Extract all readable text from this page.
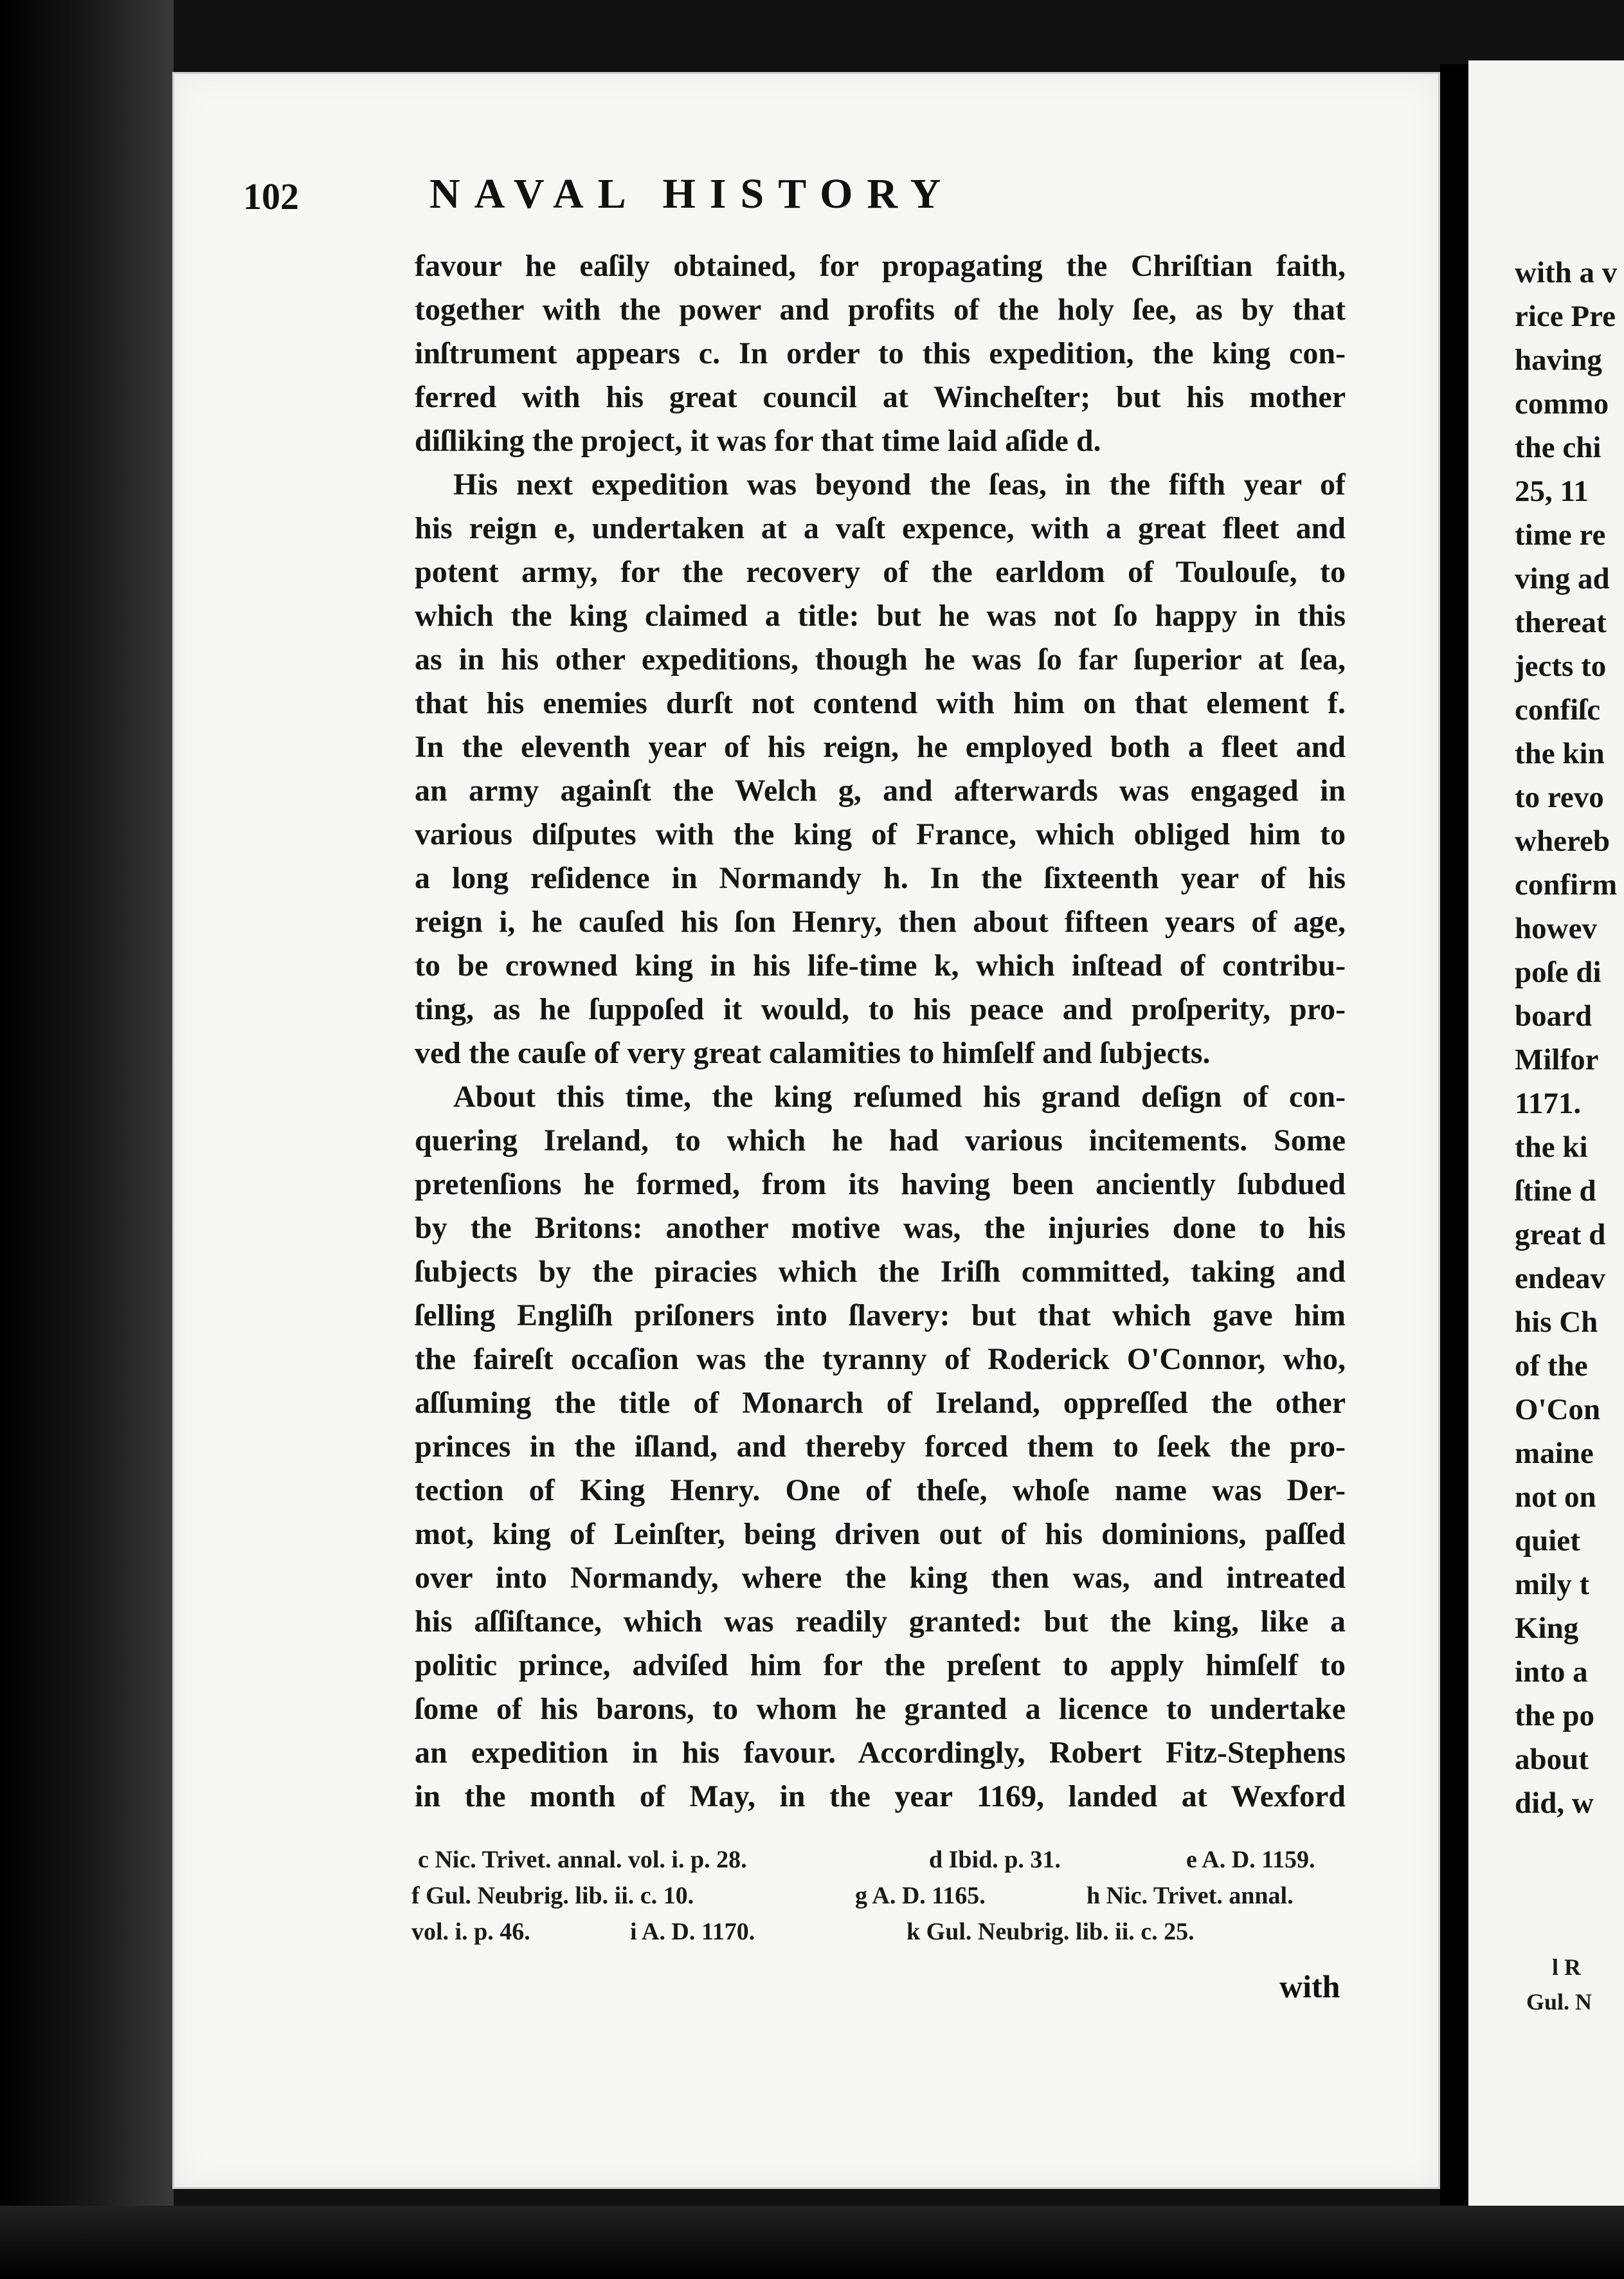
102	NAVAL HISTORY
favour he eaſily obtained, for propagating the Chriſtian faith,
together with the power and profits of the holy ſee, as by that
inſtrument appears c. In order to this expedition, the king con-
ferred with his great council at Wincheſter; but his mother
diſliking the project, it was for that time laid aſide d.
His next expedition was beyond the ſeas, in the fifth year of
his reign e, undertaken at a vaſt expence, with a great fleet and
potent army, for the recovery of the earldom of Toulouſe, to
which the king claimed a title: but he was not ſo happy in this
as in his other expeditions, though he was ſo far ſuperior at ſea,
that his enemies durſt not contend with him on that element f.
In the eleventh year of his reign, he employed both a fleet and
an army againſt the Welch g, and afterwards was engaged in
various diſputes with the king of France, which obliged him to
a long reſidence in Normandy h. In the ſixteenth year of his
reign i, he cauſed his ſon Henry, then about fifteen years of age,
to be crowned king in his life-time k, which inſtead of contribu-
ting, as he ſuppoſed it would, to his peace and proſperity, pro-
ved the cauſe of very great calamities to himſelf and ſubjects.
About this time, the king reſumed his grand deſign of con-
quering Ireland, to which he had various incitements. Some
pretenſions he formed, from its having been anciently ſubdued
by the Britons: another motive was, the injuries done to his
ſubjects by the piracies which the Iriſh committed, taking and
ſelling Engliſh priſoners into ſlavery: but that which gave him
the faireſt occaſion was the tyranny of Roderick O'Connor, who,
aſſuming the title of Monarch of Ireland, oppreſſed the other
princes in the iſland, and thereby forced them to ſeek the pro-
tection of King Henry. One of theſe, whoſe name was Der-
mot, king of Leinſter, being driven out of his dominions, paſſed
over into Normandy, where the king then was, and intreated
his aſſiſtance, which was readily granted: but the king, like a
politic prince, adviſed him for the preſent to apply himſelf to
ſome of his barons, to whom he granted a licence to undertake
an expedition in his favour. Accordingly, Robert Fitz-Stephens
in the month of May, in the year 1169, landed at Wexford
c Nic. Trivet. annal. vol. i. p. 28.	d Ibid. p. 31.	e A. D. 1159.
f Gul. Neubrig. lib. ii. c. 10.	g A. D. 1165.	h Nic. Trivet. annal.
vol. i. p. 46.	i A. D. 1170.	k Gul. Neubrig. lib. ii. c. 25.
with
with a v
rice Pre
having
commo
the chi
25, 11
time re
ving ad
thereat
jects to
confiſc
the kin
to revo
whereb
confirm
howev
poſe di
board
Milfor
1171.
the ki
ſtine d
great d
endeav
his Ch
of the
O'Con
maine
not on
quiet
mily t
King
into a
the po
about
did, w
l R
Gul. N
